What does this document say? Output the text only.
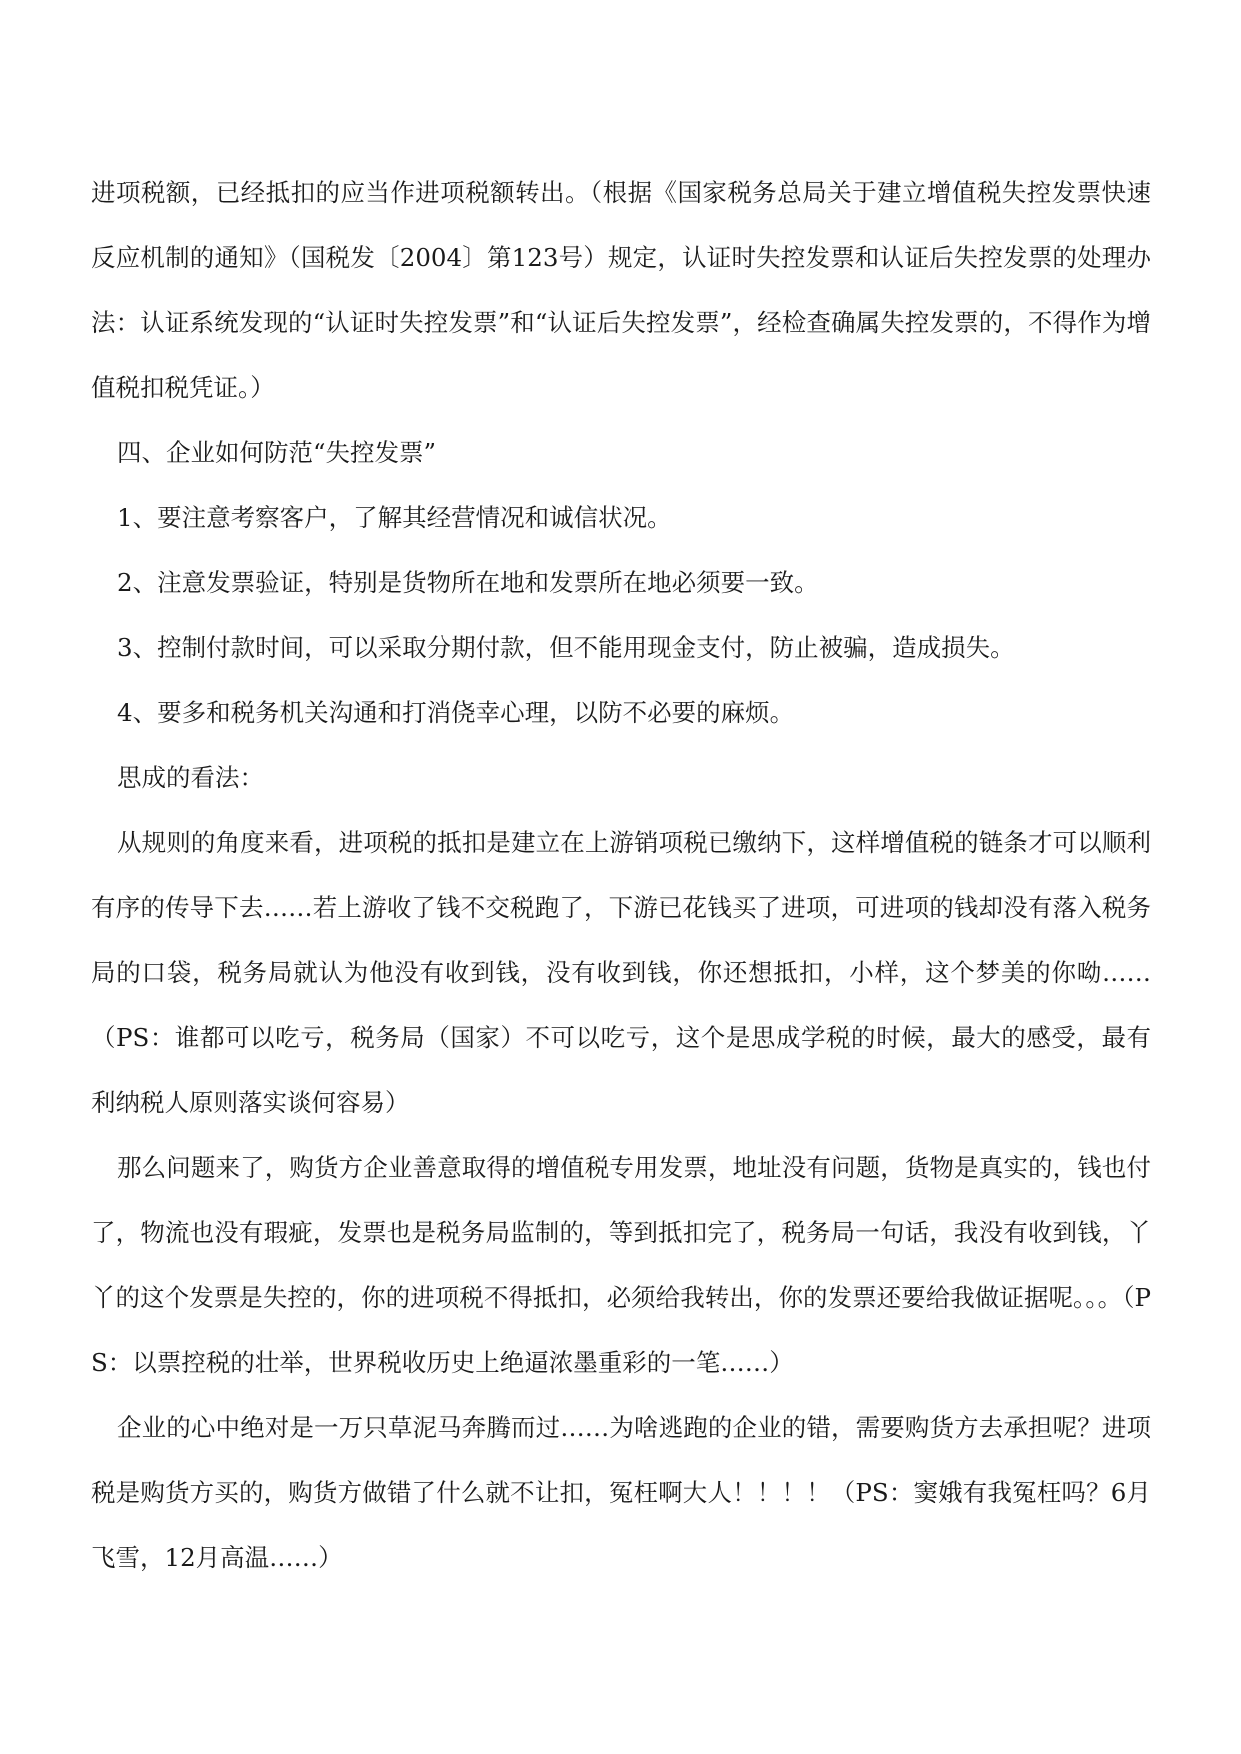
进项税额，已经抵扣的应当作进项税额转出。（根据《国家税务总局关于建立增值税失控发票快速反应机制的通知》（国税发〔2004〕第123号）规定，认证时失控发票和认证后失控发票的处理办法：认证系统发现的“认证时失控发票”和“认证后失控发票”，经检查确属失控发票的，不得作为增值税扣税凭证。）

四、企业如何防范“失控发票”

1、要注意考察客户，了解其经营情况和诚信状况。

2、注意发票验证，特别是货物所在地和发票所在地必须要一致。

3、控制付款时间，可以采取分期付款，但不能用现金支付，防止被骗，造成损失。

4、要多和税务机关沟通和打消侥幸心理，以防不必要的麻烦。

思成的看法：

从规则的角度来看，进项税的抵扣是建立在上游销项税已缴纳下，这样增值税的链条才可以顺利有序的传导下去……若上游收了钱不交税跑了，下游已花钱买了进项，可进项的钱却没有落入税务局的口袋，税务局就认为他没有收到钱，没有收到钱，你还想抵扣，小样，这个梦美的你呦……（PS：谁都可以吃亏，税务局（国家）不可以吃亏，这个是思成学税的时候，最大的感受，最有利纳税人原则落实谈何容易）

那么问题来了，购货方企业善意取得的增值税专用发票，地址没有问题，货物是真实的，钱也付了，物流也没有瑕疵，发票也是税务局监制的，等到抵扣完了，税务局一句话，我没有收到钱，丫丫的这个发票是失控的，你的进项税不得抵扣，必须给我转出，你的发票还要给我做证据呢。。。（PS：以票控税的壮举，世界税收历史上绝逼浓墨重彩的一笔……）

企业的心中绝对是一万只草泥马奔腾而过……为啥逃跑的企业的错，需要购货方去承担呢？进项税是购货方买的，购货方做错了什么就不让扣，冤枉啊大人！！！！（PS：窦娥有我冤枉吗？6月飞雪，12月高温……）
